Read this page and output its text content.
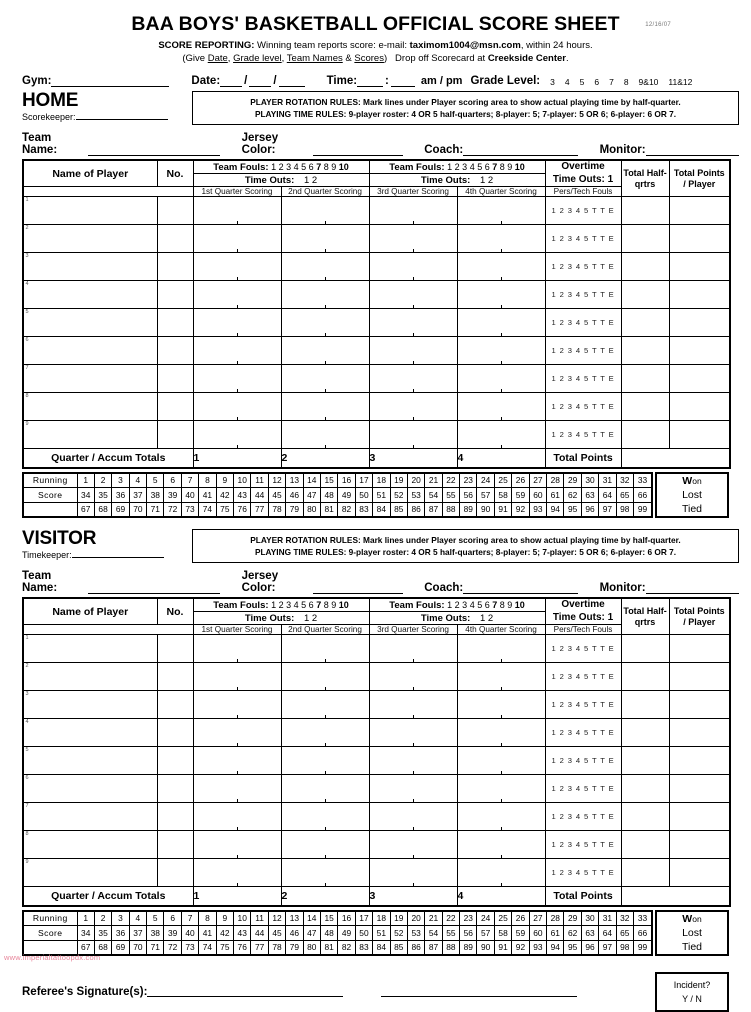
BAA BOYS' BASKETBALL OFFICIAL SCORE SHEET	12/16/07
SCORE REPORTING: Winning team reports score: e-mail: taximom1004@msn.com, within 24 hours.
(Give Date, Grade level, Team Names & Scores) Drop off Scorecard at Creekside Center.
Gym:	Date: / /	Time: :	am / pm Grade Level:	3 4 5 6 7 8 9&10 11&12
HOME
Scorekeeper:
PLAYER ROTATION RULES: Mark lines under Player scoring area to show actual playing time by half-quarter.
PLAYING TIME RULES: 9-player roster: 4 OR 5 half-quarters; 8-player: 5; 7-player: 5 OR 6; 6-player: 6 OR 7.
Team Name:
Jersey Color:	Coach:	Monitor:
Name of Player	No.	Team Fouls: 1 2 3 4 5 6 7 8 9 10	Team Fouls: 1 2 3 4 5 6 7 8 9 10	Overtime
Time Outs: 1

Total Half-
qrtrs

Total Points
/ Player

		Time Outs: 1 2		Time Outs: 1 2				
		1st Quarter Scoring	2nd Quarter Scoring	3rd Quarter Scoring	4th Quarter Scoring	Pers/Tech Fouls		

1						1 2 3 4 5 T T E		

2						1 2 3 4 5 T T E		

3						1 2 3 4 5 T T E		

4						1 2 3 4 5 T T E		

5						1 2 3 4 5 T T E		

6						1 2 3 4 5 T T E		

7						1 2 3 4 5 T T E		

8						1 2 3 4 5 T T E		

9						1 2 3 4 5 T T E		
Quarter / Accum Totals		1	2	3	4	Total Points		
Running	1	2	3	4	5	6	7	8	9	10	11	12	13	14	15	16	17	18	19	20	21	22	23	24	25	26	27	28	29	30	31	32	33
Score	34	35	36	37	38	39	40	41	42	43	44	45	46	47	48	49	50	51	52	53	54	55	56	57	58	59	60	61	62	63	64	65	66
	67	68	69	70	71	72	73	74	75	76	77	78	79	80	81	82	83	84	85	86	87	88	89	90	91	92	93	94	95	96	97	98	99
Won
Lost
Tied
VISITOR
Timekeeper:
PLAYER ROTATION RULES: Mark lines under Player scoring area to show actual playing time by half-quarter.
PLAYING TIME RULES: 9-player roster: 4 OR 5 half-quarters; 8-player: 5; 7-player: 5 OR 6; 6-player: 6 OR 7.
Team Name:
Jersey Color:	Coach:	Monitor:
Name of Player	No.	Team Fouls: 1 2 3 4 5 6 7 8 9 10	Team Fouls: 1 2 3 4 5 6 7 8 9 10	Overtime
Time Outs: 1

Total Half-
qrtrs

Total Points
/ Player

		Time Outs: 1 2		Time Outs: 1 2				
		1st Quarter Scoring	2nd Quarter Scoring	3rd Quarter Scoring	4th Quarter Scoring	Pers/Tech Fouls		

1						1 2 3 4 5 T T E		

2						1 2 3 4 5 T T E		

3						1 2 3 4 5 T T E		

4						1 2 3 4 5 T T E		

5						1 2 3 4 5 T T E		

6						1 2 3 4 5 T T E		

7						1 2 3 4 5 T T E		

8						1 2 3 4 5 T T E		

9						1 2 3 4 5 T T E		
Quarter / Accum Totals		1	2	3	4	Total Points		
Running	1	2	3	4	5	6	7	8	9	10	11	12	13	14	15	16	17	18	19	20	21	22	23	24	25	26	27	28	29	30	31	32	33
Score	34	35	36	37	38	39	40	41	42	43	44	45	46	47	48	49	50	51	52	53	54	55	56	57	58	59	60	61	62	63	64	65	66
	67	68	69	70	71	72	73	74	75	76	77	78	79	80	81	82	83	84	85	86	87	88	89	90	91	92	93	94	95	96	97	98	99
Won
Lost
Tied
Referee's Signature(s):
Incident?
Y / N
www.imperialtattoopdx.com
